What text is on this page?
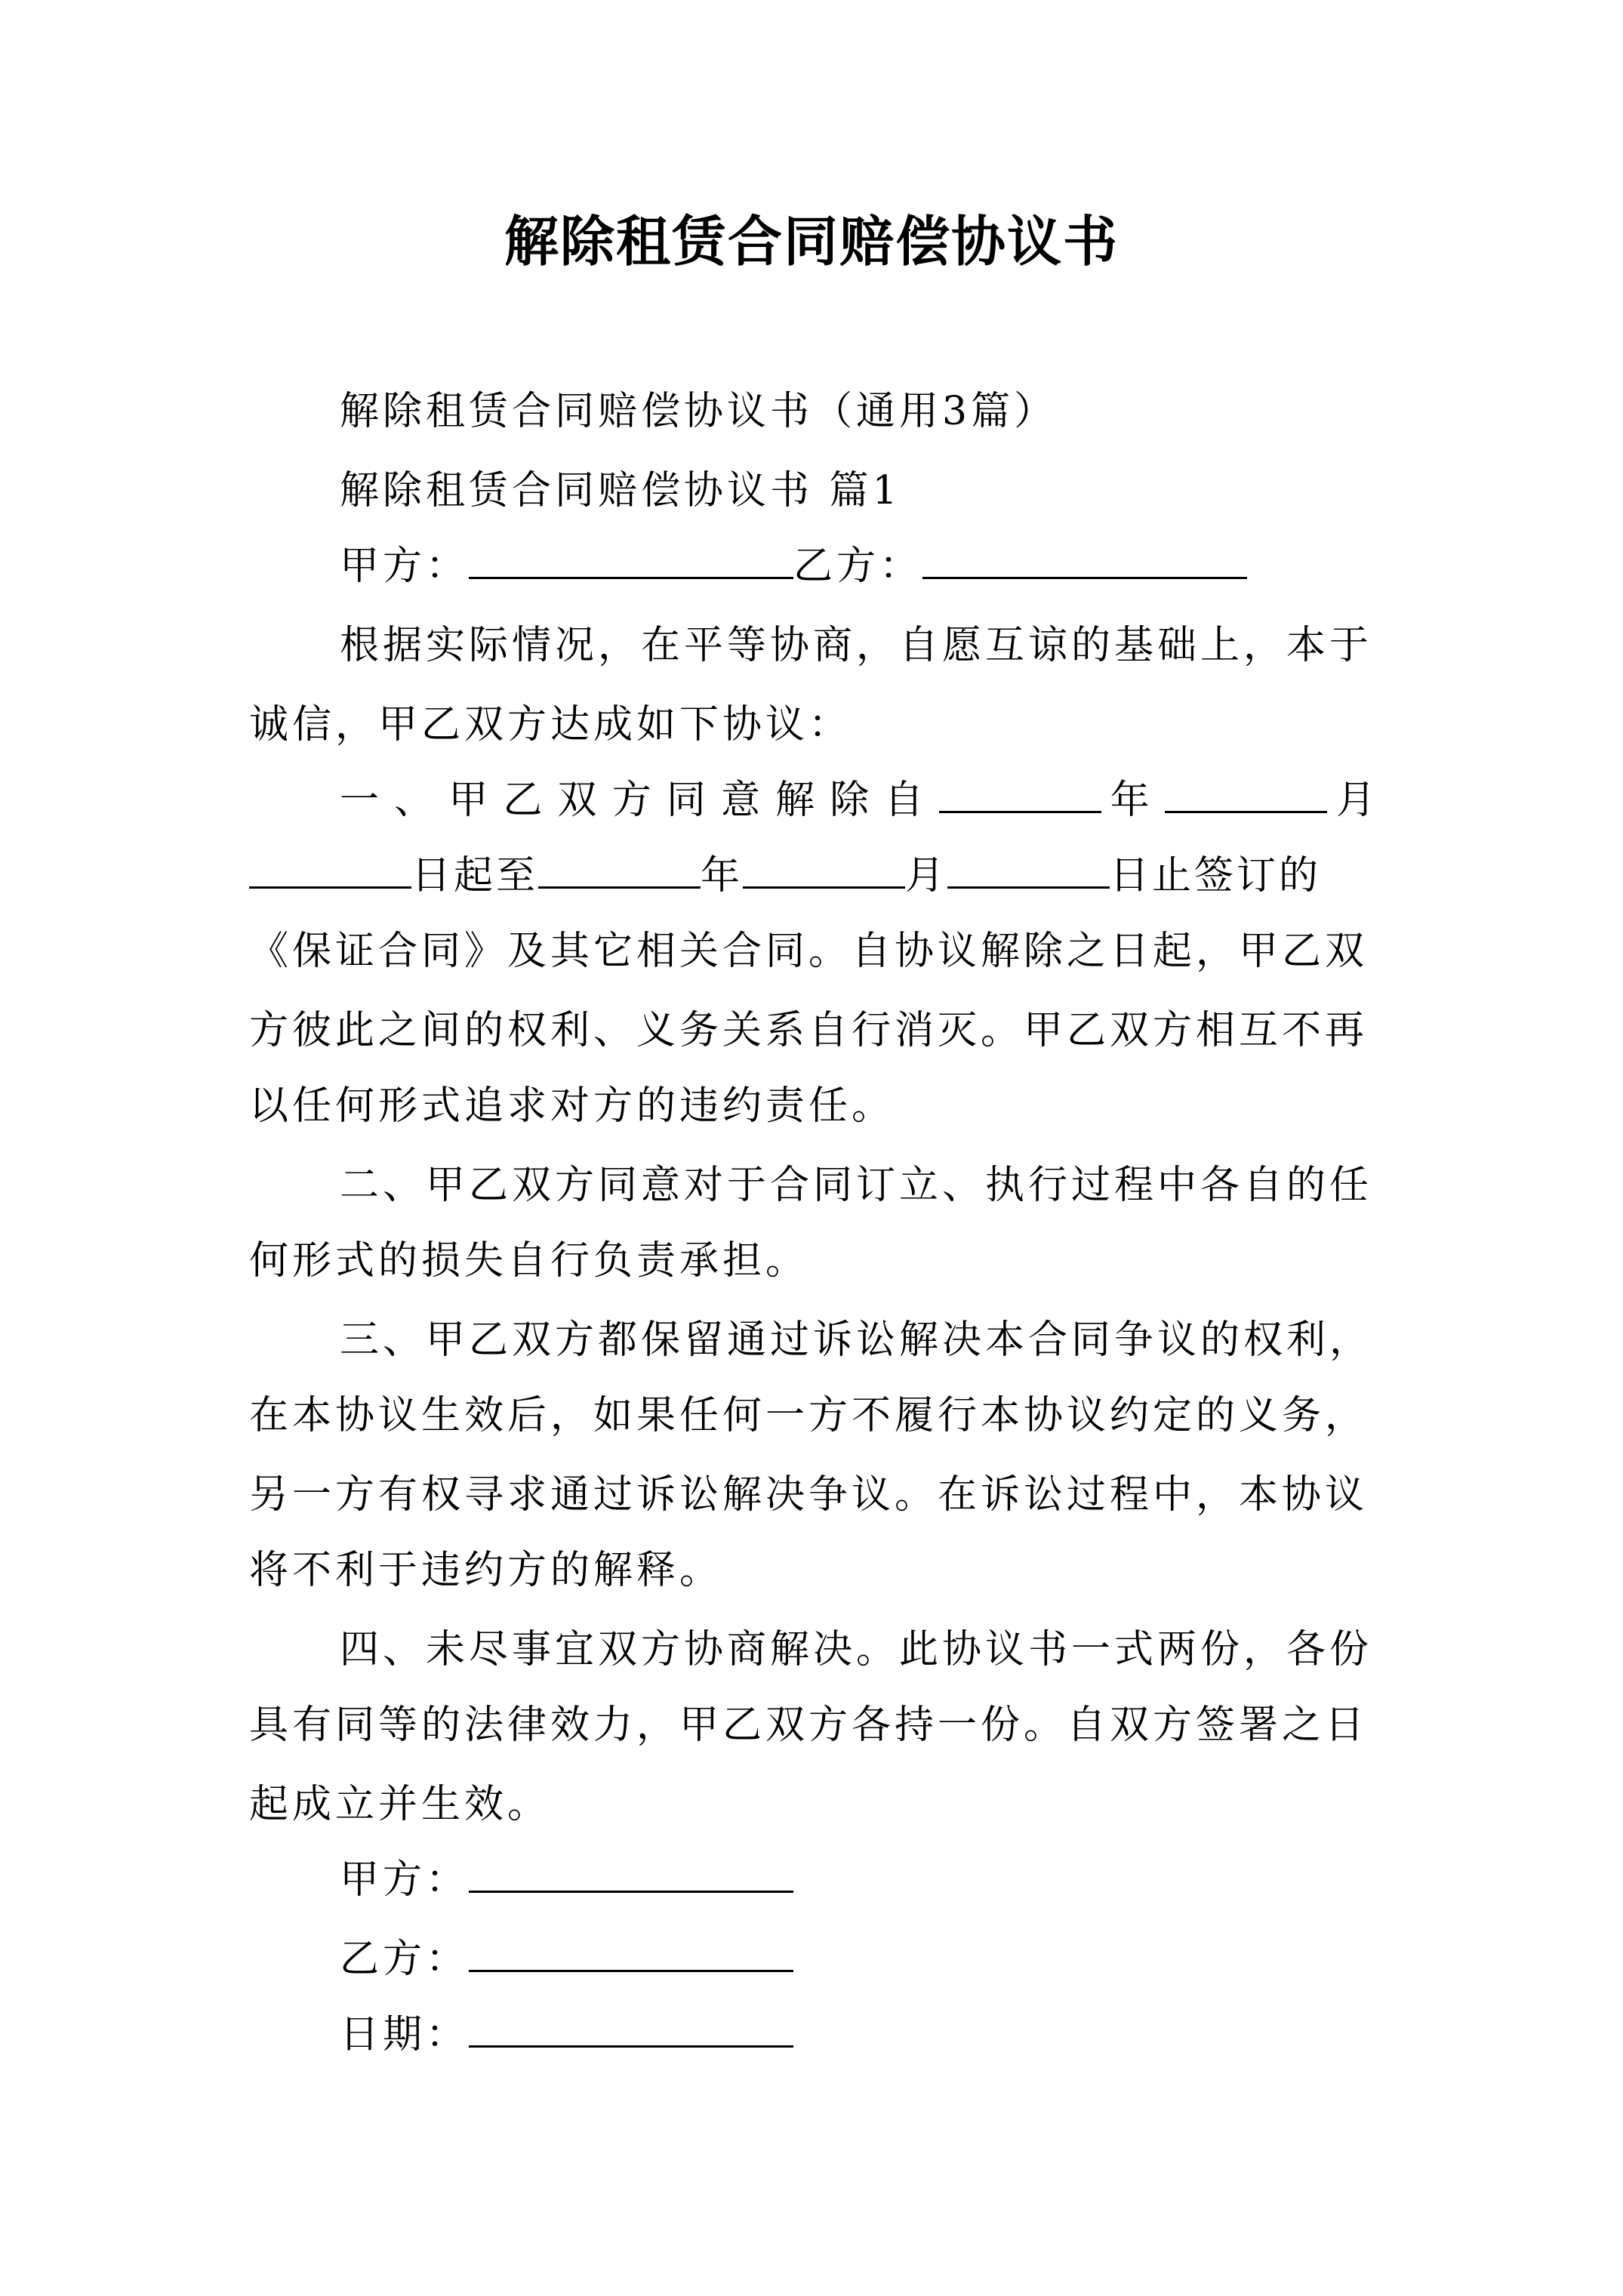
解除租赁合同赔偿协议书
解除租赁合同赔偿协议书（通用3篇）
解除租赁合同赔偿协议书 篇1
甲方：	乙方：
根据实际情况，在平等协商，自愿互谅的基础上，本于
诚信，甲乙双方达成如下协议：
一、甲乙双方同意解除自	年	月
日起至	年	月	日止签订的
《保证合同》及其它相关合同。自协议解除之日起，甲乙双
方彼此之间的权利、义务关系自行消灭。甲乙双方相互不再
以任何形式追求对方的违约责任。
二、甲乙双方同意对于合同订立、执行过程中各自的任
何形式的损失自行负责承担。
三、甲乙双方都保留通过诉讼解决本合同争议的权利，
在本协议生效后，如果任何一方不履行本协议约定的义务，
另一方有权寻求通过诉讼解决争议。在诉讼过程中，本协议
将不利于违约方的解释。
四、未尽事宜双方协商解决。此协议书一式两份，各份
具有同等的法律效力，甲乙双方各持一份。自双方签署之日
起成立并生效。
甲方：
乙方：
日期：
